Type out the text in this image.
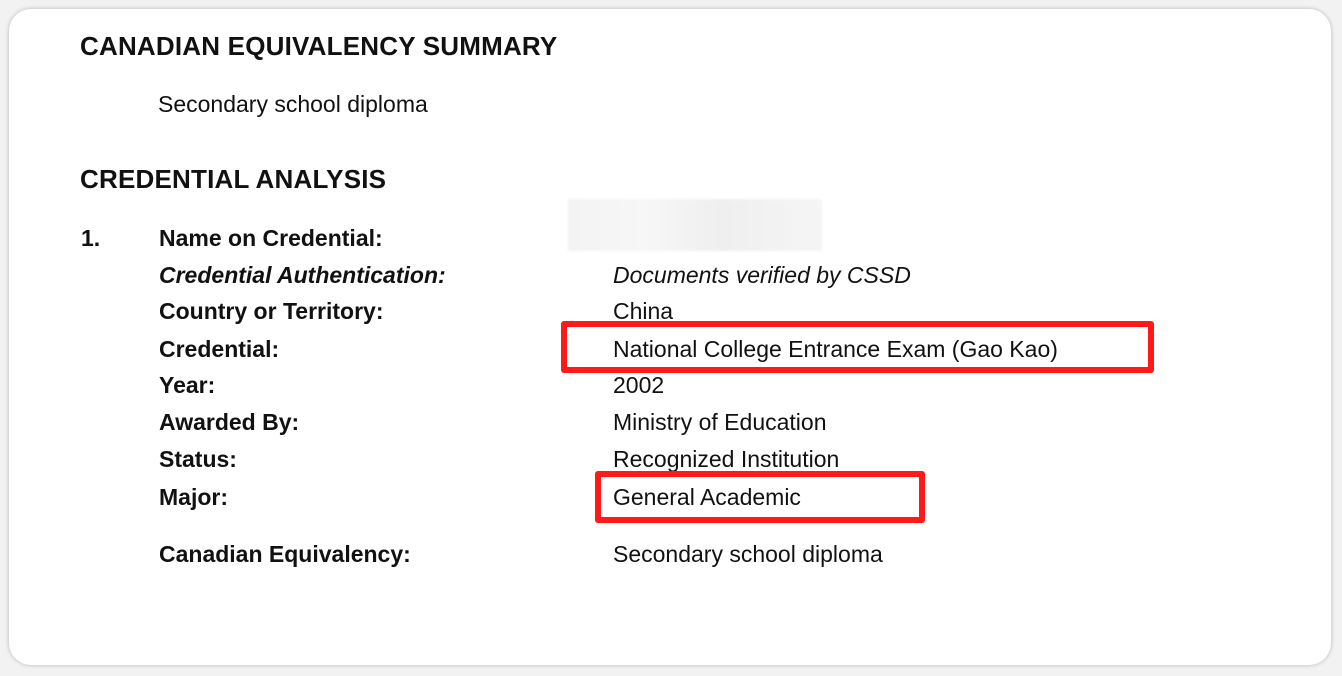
CANADIAN EQUIVALENCY SUMMARY
Secondary school diploma
CREDENTIAL ANALYSIS
1.	Name on Credential:
Credential Authentication:	Documents verified by CSSD
Country or Territory:	China
Credential:	National College Entrance Exam (Gao Kao)
Year:	2002
Awarded By:	Ministry of Education
Status:	Recognized Institution
Major:	General Academic
Canadian Equivalency:	Secondary school diploma
